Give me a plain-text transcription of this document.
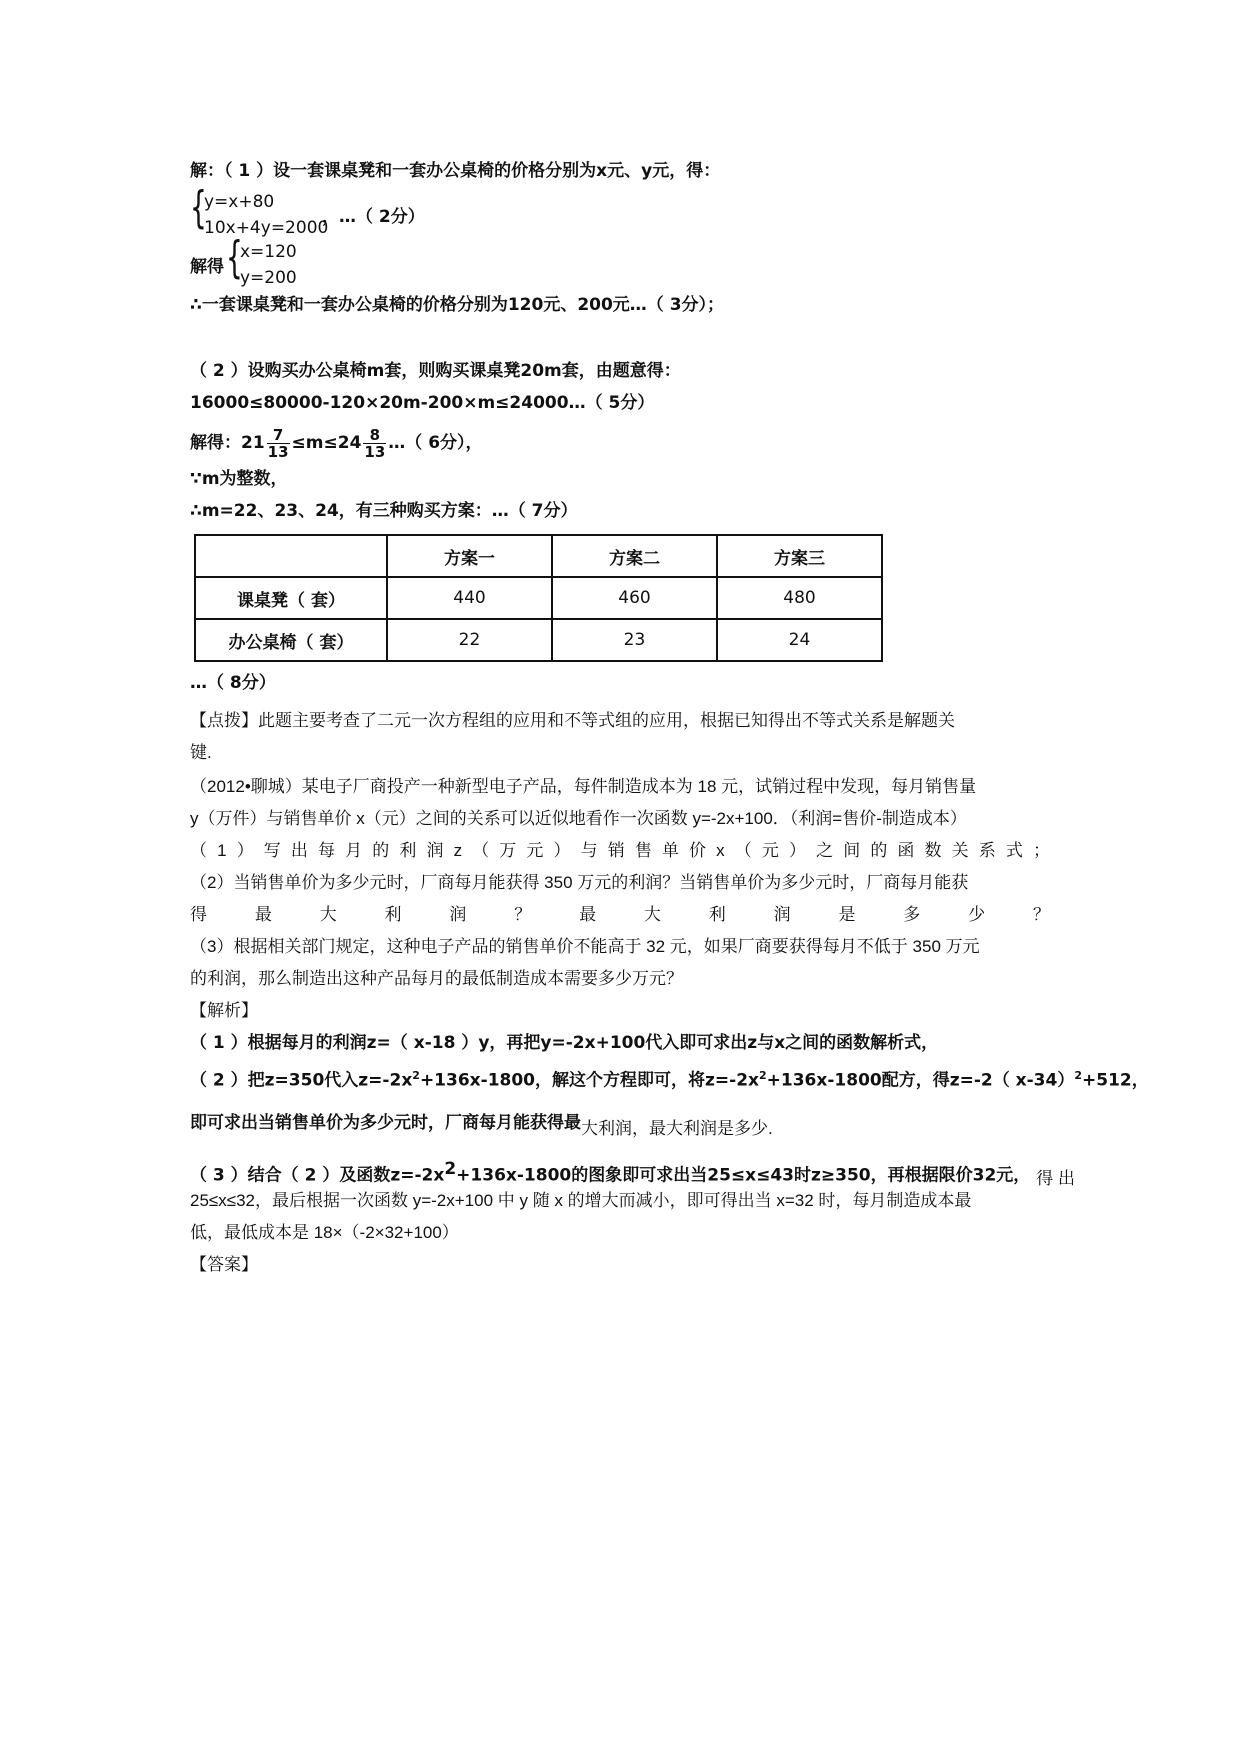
解：（ 1 ）设一套课桌凳和一套办公桌椅的价格分别为x元、y元，得：
{
y=x+80
10x+4y=2000
，…（ 2分）
解得 {
x=120
y=200
∴一套课桌凳和一套办公桌椅的价格分别为120元、200元…（ 3分）；
（ 2 ）设购买办公桌椅m套，则购买课桌凳20m套，由题意得：
16000≤80000-120×20m-200×m≤24000…（ 5分）
解得：$21 \frac{7}{13} \le m\le 24 \frac{8}{13}$ …（ 6分），
∵m为整数，
∴m=22、23、24，有三种购买方案：…（ 7分）
	方案一	方案二	方案三
课桌凳（ 套）	440	460	480
办公桌椅（ 套）	22	23	24
…（ 8分）
【点拨】此题主要考查了二元一次方程组的应用和不等式组的应用，根据已知得出不等式关系是解题关
键.
（2012•聊城）某电子厂商投产一种新型电子产品，每件制造成本为 18 元，试销过程中发现，每月销售量
y（万件）与销售单价 x（元）之间的关系可以近似地看作一次函数 y=-2x+100．（利润=售价-制造成本）
（ 1 ） 写 出 每 月 的 利 润 z （ 万 元 ） 与 销 售 单 价 x （ 元 ） 之 间 的 函 数 关 系 式 ；
（2）当销售单价为多少元时，厂商每月能获得 350 万元的利润？当销售单价为多少元时，厂商每月能获
得	最	大	利	润	？	最	大	利	润	是	多	少	？
（3）根据相关部门规定，这种电子产品的销售单价不能高于 32 元，如果厂商要获得每月不低于 350 万元
的利润，那么制造出这种产品每月的最低制造成本需要多少万元？
【解析】
（ 1 ）根据每月的利润z=（ x-18 ）y，再把y=-2x+100代入即可求出z与x之间的函数解析式，
（ 2 ）把z=350代入$z=-2x^2+136x-1800$，解这个方程即可，将$z=-2x^2+136x-1800$配方，得z=-2（ x-34）$^2$+512，
即可求出当销售单价为多少元时，厂商每月能获得最大利润，最大利润是多少.
（ 3 ）结合（ 2 ）及函数$z=-2x^2+136x-1800$的图象即可求出当25≤x≤43时z≥350，再根据限价32元， 得 出
25≤x≤32，最后根据一次函数 y=-2x+100 中 y 随 x 的增大而减小，即可得出当 x=32 时，每月制造成本最
低，最低成本是 18×（-2×32+100）
【答案】
